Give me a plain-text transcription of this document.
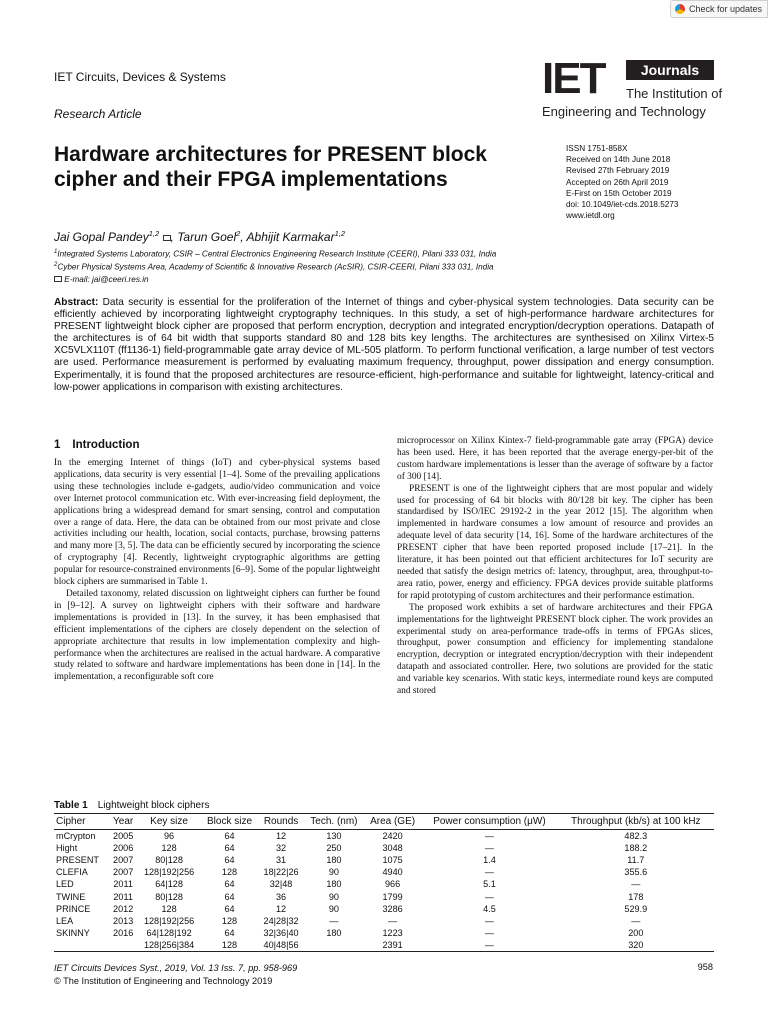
Check for updates
IET Circuits, Devices & Systems
Research Article
IET	Journals
The Institution of
Engineering and Technology
Hardware architectures for PRESENT block cipher and their FPGA implementations
ISSN 1751-858X
Received on 14th June 2018
Revised 27th February 2019
Accepted on 26th April 2019
E-First on 15th October 2019
doi: 10.1049/iet-cds.2018.5273
www.ietdl.org
Jai Gopal Pandey$^{1,2}$ , Tarun Goel$^2$, Abhijit Karmakar$^{1,2}$
$^1$Integrated Systems Laboratory, CSIR – Central Electronics Engineering Research Institute (CEERI), Pilani 333 031, India
$^2$Cyber Physical Systems Area, Academy of Scientific & Innovative Research (AcSIR), CSIR-CEERI, Pilani 333 031, India
E-mail: jai@ceeri.res.in

Abstract: Data security is essential for the proliferation of the Internet of things and cyber-physical system technologies. Data security can be efficiently achieved by incorporating lightweight cryptography techniques. In this study, a set of high-performance hardware architectures for PRESENT lightweight block cipher are proposed that perform encryption, decryption and integrated encryption/decryption operations. Datapath of the architectures is of 64 bit width that supports standard 80 and 128 bits key lengths. The architectures are synthesised on Xilinx Virtex-5 XC5VLX110T (ff1136-1) field-programmable gate array device of ML-505 platform. To perform functional verification, a large number of test vectors are used. Performance measurement is performed by evaluating maximum frequency, throughput, power dissipation and energy consumption. Experimentally, it is found that the proposed architectures are resource-efficient, high-performance and suitable for lightweight, latency-critical and low-power applications in comparison with existing architectures.

1 Introduction

In the emerging Internet of things (IoT) and cyber-physical systems based applications, data security is very essential [1–4]. Some of the prevailing applications using these technologies include e-gadgets, audio/video communication and voice over Internet protocol communication etc. With ever-increasing field deployment, the applications bring a widespread demand for smart sensing, control and computation over a range of data. Here, the data can be obtained from our most private and close activities including our health, location, social contacts, purchase, browsing patterns and many more [3, 5]. The data can be efficiently secured by incorporating the science of cryptography [4]. Recently, lightweight cryptographic algorithms are getting popular for resource-constrained environments [6–9]. Some of the popular lightweight block ciphers are summarised in Table 1.

Detailed taxonomy, related discussion on lightweight ciphers can further be found in [9–12]. A survey on lightweight ciphers with their software and hardware implementations is provided in [13]. In the survey, it has been emphasised that efficient implementations of the ciphers are closely dependent on the selection of appropriate architecture that results in low implementation complexity and high-performance when the architectures are realised in the actual hardware. A comparative study related to software and hardware implementations has been done in [14]. In the implementation, a reconfigurable soft core

microprocessor on Xilinx Kintex-7 field-programmable gate array (FPGA) device has been used. Here, it has been reported that the average energy-per-bit of the custom hardware implementations is lesser than the average of software by a factor of 300 [14].

PRESENT is one of the lightweight ciphers that are most popular and widely used for processing of 64 bit blocks with 80/128 bit key. The cipher has been standardised by ISO/IEC 29192-2 in the year 2012 [15]. The algorithm when implemented in hardware consumes a low amount of resource and provides an adequate level of data security [14, 16]. Some of the hardware architectures of the PRESENT cipher that have been reported proposed include [17–21]. In the literature, it has been pointed out that efficient architectures for IoT security are needed that satisfy the design metrics of: latency, throughput, area, throughput-to-area ratio, power, energy and efficiency. FPGA devices provide suitable platforms for rapid prototyping of custom architectures and their performance estimation.

The proposed work exhibits a set of hardware architectures and their FPGA implementations for the lightweight PRESENT block cipher. The work provides an experimental study on area-performance trade-offs in terms of FPGAs slices, throughput, power consumption and efficiency for implementing standalone encryption, decryption or integrated encryption/decryption with their independent datapath and associated controller. Here, two solutions are provided for the static and variable key scenarios. With static keys, intermediate round keys are computed and stored

Table 1 Lightweight block ciphers
Cipher	Year	Key size	Block size	Rounds	Tech. (nm)	Area (GE)	Power consumption (μW)	Throughput (kb/s) at 100 kHz
mCrypton	2005	96	64	12	130	2420	—	482.3
Hight	2006	128	64	32	250	3048	—	188.2
PRESENT	2007	80|128	64	31	180	1075	1.4	11.7
CLEFIA	2007	128|192|256	128	18|22|26	90	4940	—	355.6
LED	2011	64|128	64	32|48	180	966	5.1	—
TWINE	2011	80|128	64	36	90	1799	—	178
PRINCE	2012	128	64	12	90	3286	4.5	529.9
LEA	2013	128|192|256	128	24|28|32	—	—	—	—
SKINNY	2016	64|128|192	64	32|36|40	180	1223	—	200
		128|256|384	128	40|48|56		2391	—	320
IET Circuits Devices Syst., 2019, Vol. 13 Iss. 7, pp. 958-969
© The Institution of Engineering and Technology 2019
958
